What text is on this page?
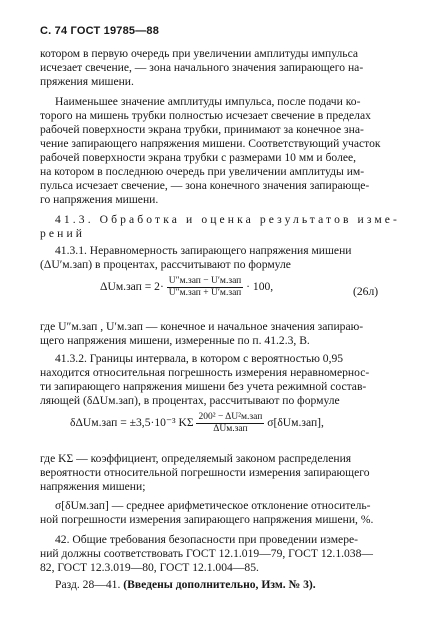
С. 74 ГОСТ 19785—88
котором в первую очередь при увеличении амплитуды импульса
исчезает свечение, — зона начального значения запирающего на-
пряжения мишени.
Наименьшее значение амплитуды импульса, после подачи ко-
торого на мишень трубки полностью исчезает свечение в пределах
рабочей поверхности экрана трубки, принимают за конечное зна-
чение запирающего напряжения мишени. Соответствующий участок
рабочей поверхности экрана трубки с размерами 10 мм и более,
на котором в последнюю очередь при увеличении амплитуды им-
пульса исчезает свечение, — зона конечного значения запирающе-
го напряжения мишени.
41.3. Обработка и оценка результатов изме-
рений
41.3.1. Неравномерность запирающего напряжения мишени
(ΔU′м.зап) в процентах, рассчитывают по формуле
$\Delta Uм.зап = 2\cdot \frac{\text{U″м.зап − U′м.зап}}{\text{U″м.зап + U′м.зап}} \cdot 100$,	(26л)
где U″м.зап , U′м.зап — конечное и начальное значения запираю-
щего напряжения мишени, измеренные по п. 41.2.3, В.
41.3.2. Границы интервала, в котором с вероятностью 0,95
находится относительная погрешность измерения неравномернос-
ти запирающего напряжения мишени без учета режимной состав-
ляющей (δΔUм.зап), в процентах, рассчитывают по формуле
δΔUм.зап = ±3,5·10⁻³ KΣ $\frac{\text{200² − ΔU²м.зап}}{\text{ΔUм.зап}} \sigma[\delta Uм.зап]$,
где KΣ — коэффициент, определяемый законом распределения
вероятности относительной погрешности измерения запирающего
напряжения мишени;
σ[δUм.зап] — среднее арифметическое отклонение относитель-
ной погрешности измерения запирающего напряжения мишени, %.
42. Общие требования безопасности при проведении измере-
ний должны соответствовать ГОСТ 12.1.019—79, ГОСТ 12.1.038—
82, ГОСТ 12.3.019—80, ГОСТ 12.1.004—85.
Разд. 28—41. (Введены дополнительно, Изм. № 3).
